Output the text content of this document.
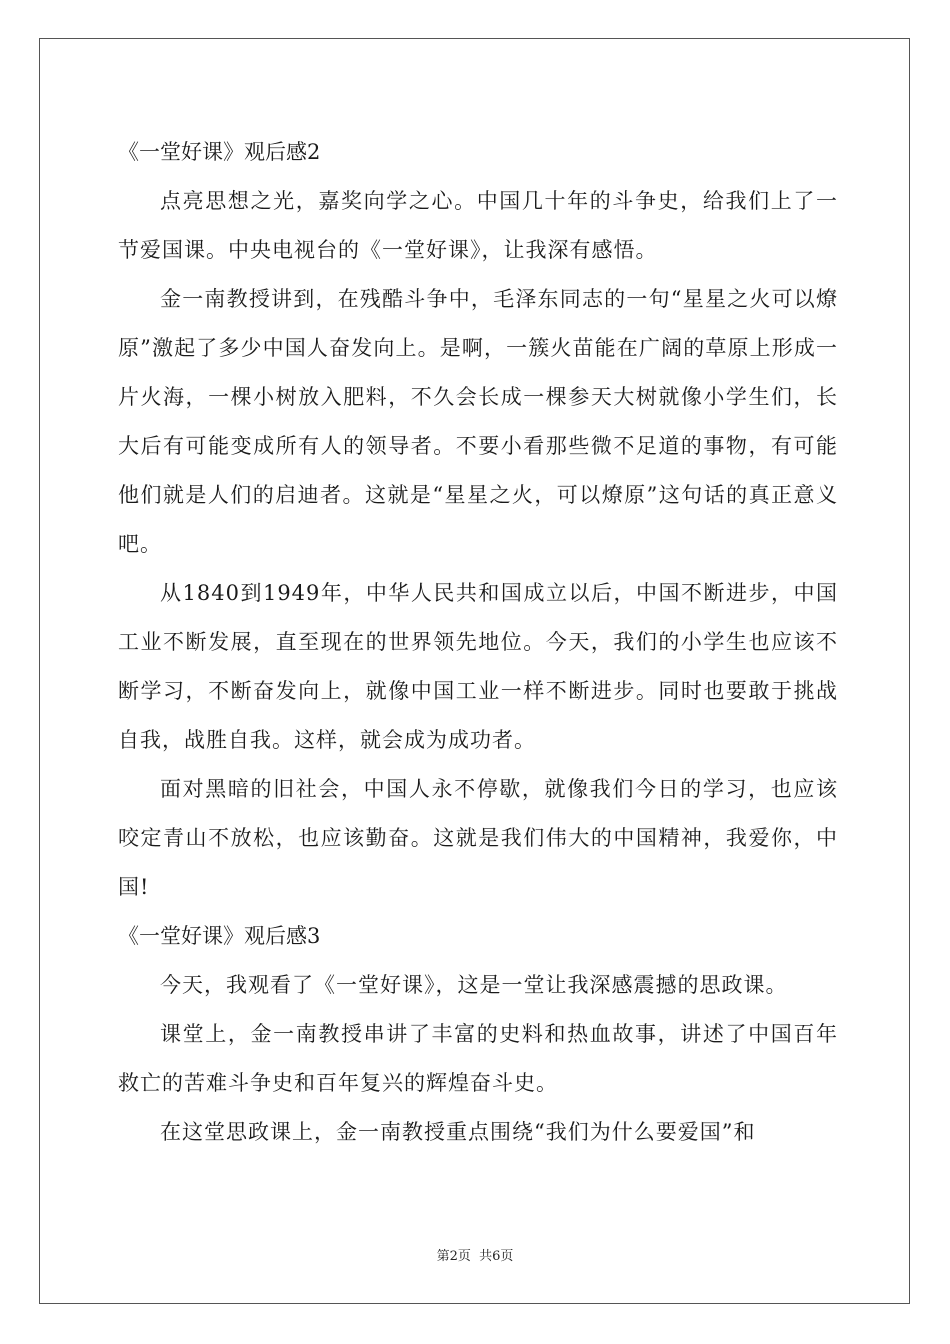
《一堂好课》观后感2

点亮思想之光，嘉奖向学之心。中国几十年的斗争史，给我们上了一节爱国课。中央电视台的《一堂好课》，让我深有感悟。

金一南教授讲到，在残酷斗争中，毛泽东同志的一句“星星之火可以燎原”激起了多少中国人奋发向上。是啊，一簇火苗能在广阔的草原上形成一片火海，一棵小树放入肥料，不久会长成一棵参天大树就像小学生们，长大后有可能变成所有人的领导者。不要小看那些微不足道的事物，有可能他们就是人们的启迪者。这就是“星星之火，可以燎原”这句话的真正意义吧。

从1840到1949年，中华人民共和国成立以后，中国不断进步，中国工业不断发展，直至现在的世界领先地位。今天，我们的小学生也应该不断学习，不断奋发向上，就像中国工业一样不断进步。同时也要敢于挑战自我，战胜自我。这样，就会成为成功者。

面对黑暗的旧社会，中国人永不停歇，就像我们今日的学习，也应该咬定青山不放松，也应该勤奋。这就是我们伟大的中国精神，我爱你，中国!

《一堂好课》观后感3

今天，我观看了《一堂好课》，这是一堂让我深感震撼的思政课。

课堂上，金一南教授串讲了丰富的史料和热血故事，讲述了中国百年救亡的苦难斗争史和百年复兴的辉煌奋斗史。

在这堂思政课上，金一南教授重点围绕“我们为什么要爱国”和

第2页 共6页
